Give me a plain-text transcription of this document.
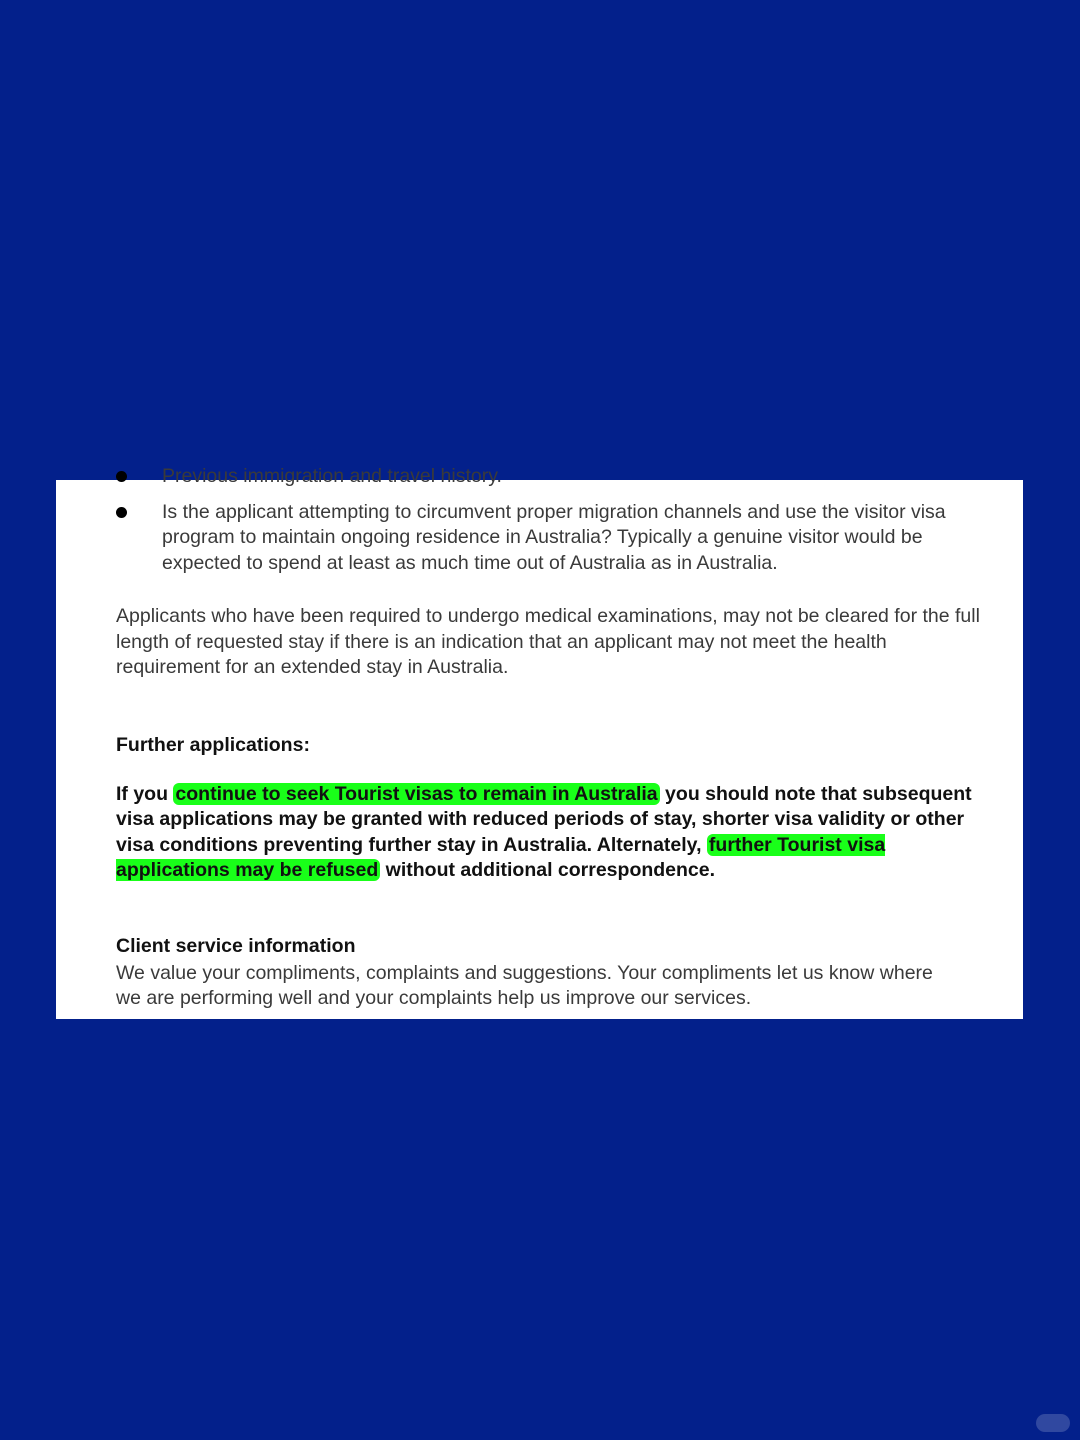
Previous immigration and travel history.
Is the applicant attempting to circumvent proper migration channels and use the visitor visa program to maintain ongoing residence in Australia? Typically a genuine visitor would be expected to spend at least as much time out of Australia as in Australia.

Applicants who have been required to undergo medical examinations, may not be cleared for the full length of requested stay if there is an indication that an applicant may not meet the health requirement for an extended stay in Australia.

Further applications:

If you continue to seek Tourist visas to remain in Australia you should note that subsequent visa applications may be granted with reduced periods of stay, shorter visa validity or other visa conditions preventing further stay in Australia. Alternately, further Tourist visa applications may be refused without additional correspondence.

Client service information

We value your compliments, complaints and suggestions. Your compliments let us know where we are performing well and your complaints help us improve our services.
